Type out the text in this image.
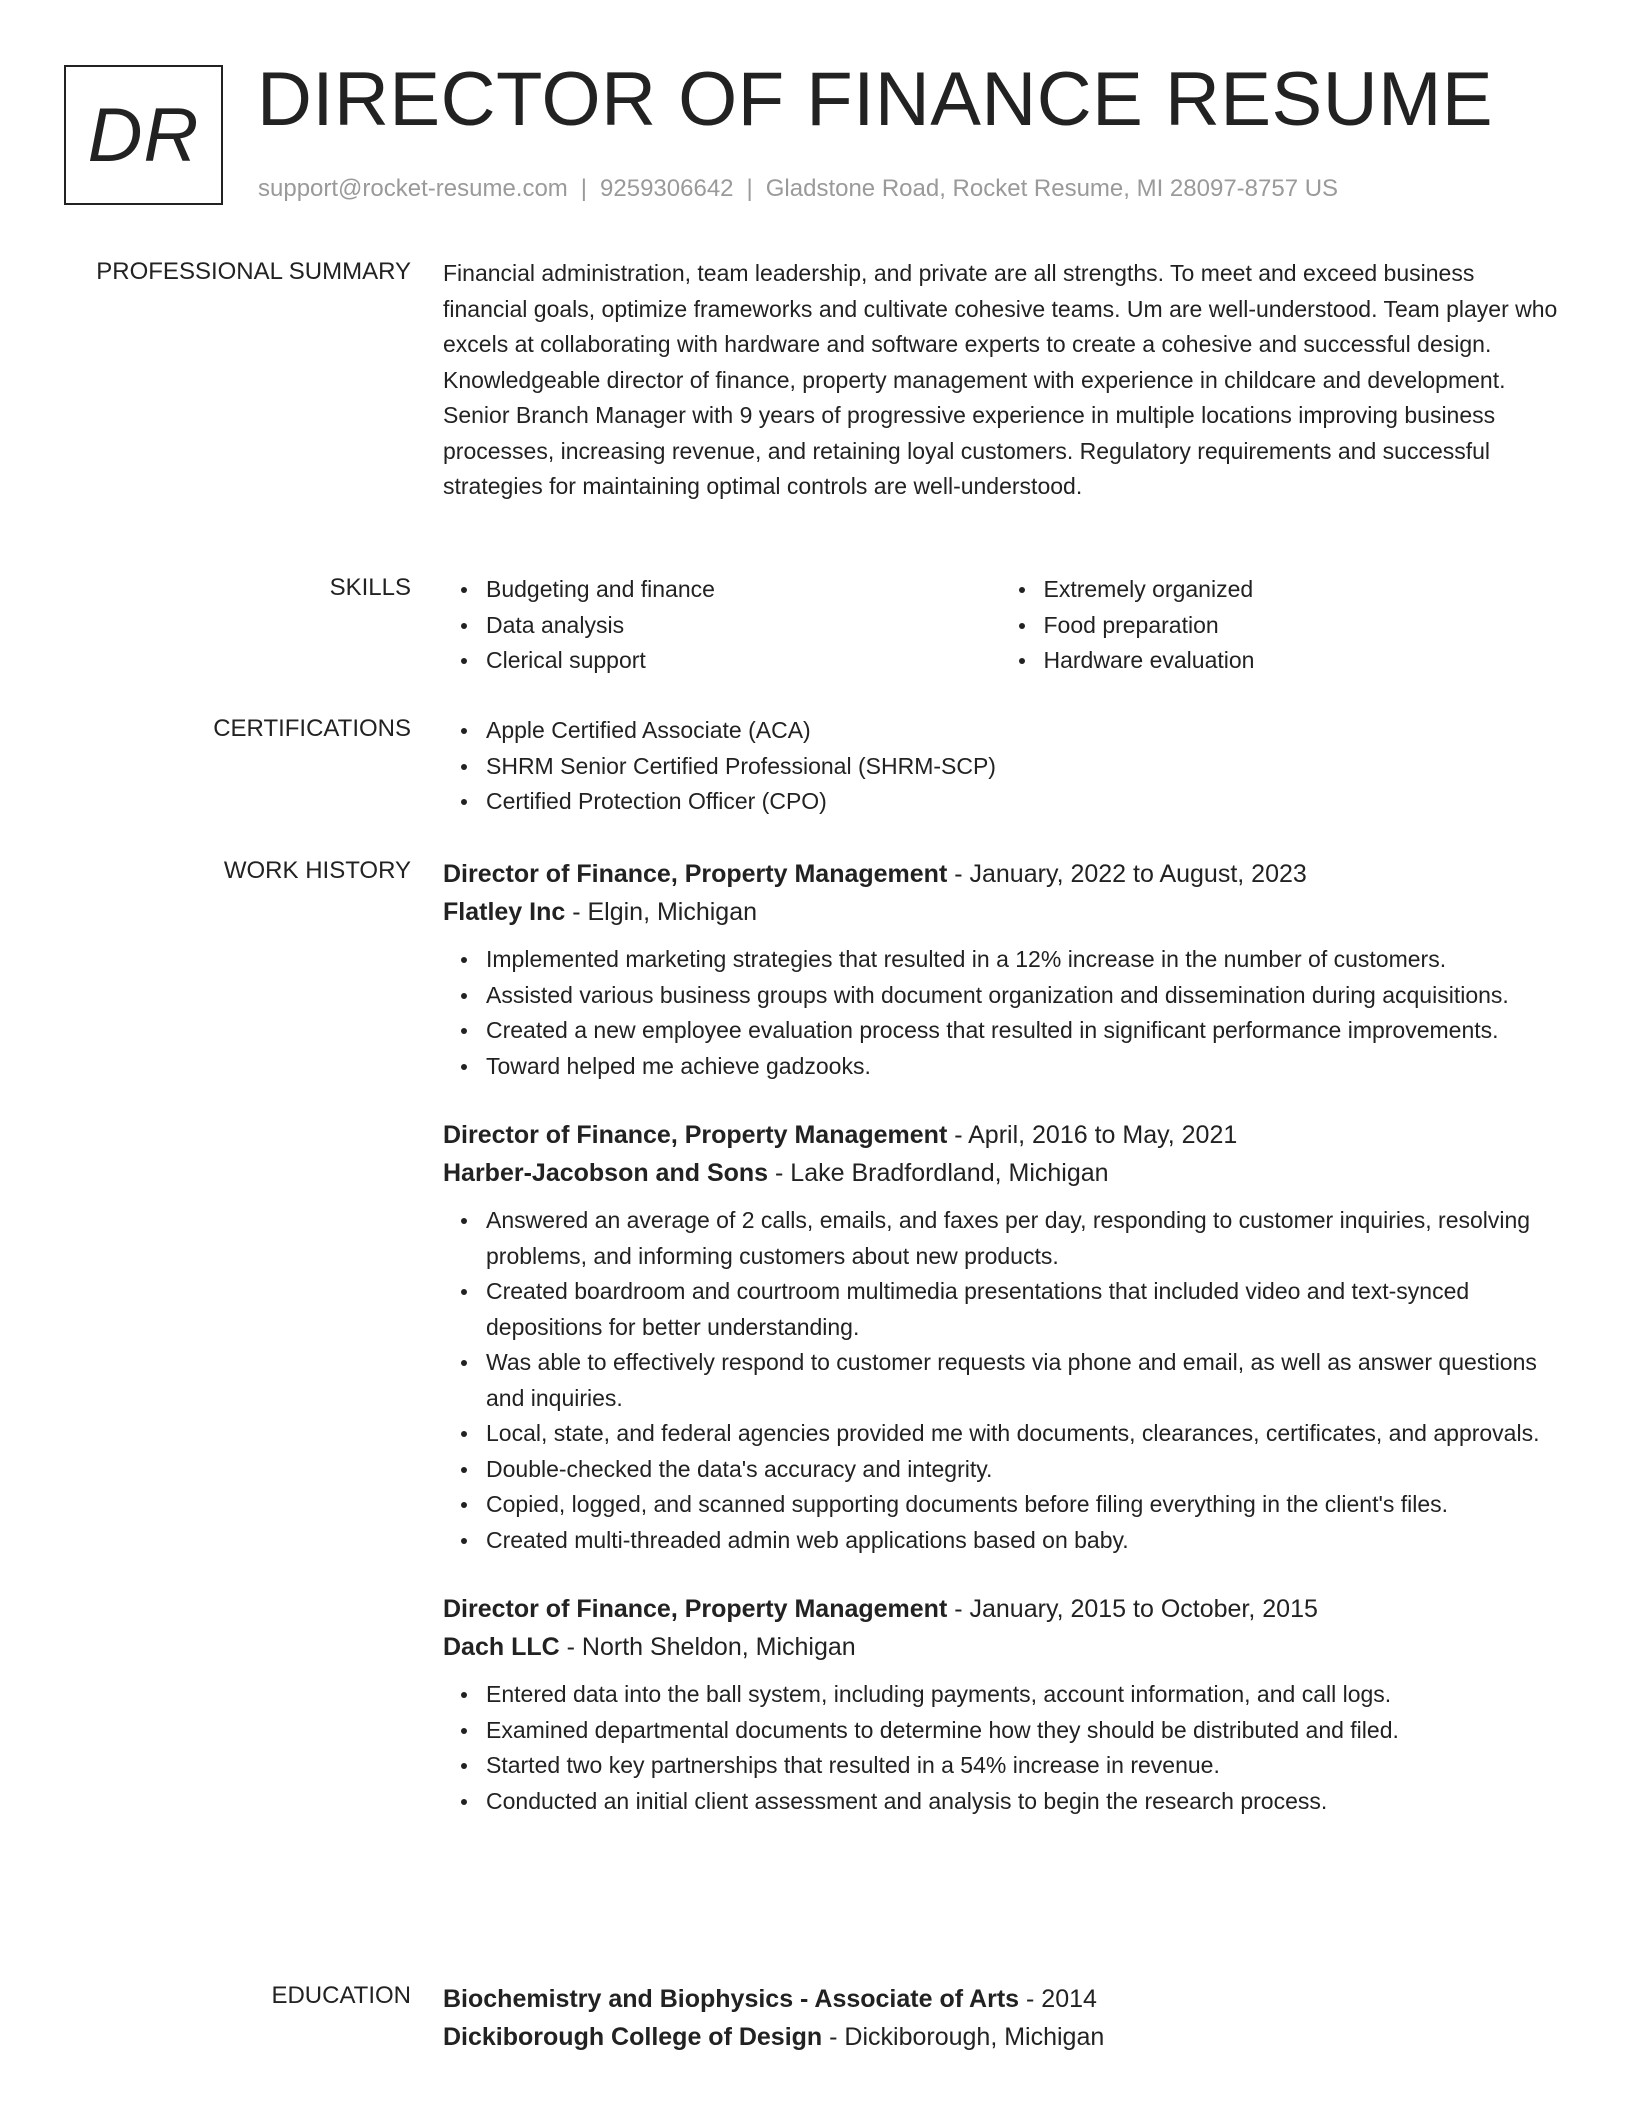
DR DIRECTOR OF FINANCE RESUME
support@rocket-resume.com | 9259306642 | Gladstone Road, Rocket Resume, MI 28097-8757 US
PROFESSIONAL SUMMARY Financial administration, team leadership, and private are all strengths. To meet and exceed business financial goals, optimize frameworks and cultivate cohesive teams. Um are well-understood. Team player who excels at collaborating with hardware and software experts to create a cohesive and successful design. Knowledgeable director of finance, property management with experience in childcare and development. Senior Branch Manager with 9 years of progressive experience in multiple locations improving business processes, increasing revenue, and retaining loyal customers. Regulatory requirements and successful strategies for maintaining optimal controls are well-understood.
SKILLS	Budgeting and finance
Data analysis
Clerical support
Extremely organized
Food preparation
Hardware evaluation
CERTIFICATIONS	Apple Certified Associate (ACA)
SHRM Senior Certified Professional (SHRM-SCP)
Certified Protection Officer (CPO)
WORK HISTORY Director of Finance, Property Management - January, 2022 to August, 2023
Flatley Inc - Elgin, Michigan
Implemented marketing strategies that resulted in a 12% increase in the number of customers.
Assisted various business groups with document organization and dissemination during acquisitions.
Created a new employee evaluation process that resulted in significant performance improvements.
Toward helped me achieve gadzooks.
Director of Finance, Property Management - April, 2016 to May, 2021
Harber-Jacobson and Sons - Lake Bradfordland, Michigan
Answered an average of 2 calls, emails, and faxes per day, responding to customer inquiries, resolving problems, and informing customers about new products.
Created boardroom and courtroom multimedia presentations that included video and text-synced depositions for better understanding.
Was able to effectively respond to customer requests via phone and email, as well as answer questions and inquiries.
Local, state, and federal agencies provided me with documents, clearances, certificates, and approvals.
Double-checked the data's accuracy and integrity.
Copied, logged, and scanned supporting documents before filing everything in the client's files.
Created multi-threaded admin web applications based on baby.
Director of Finance, Property Management - January, 2015 to October, 2015
Dach LLC - North Sheldon, Michigan
Entered data into the ball system, including payments, account information, and call logs.
Examined departmental documents to determine how they should be distributed and filed.
Started two key partnerships that resulted in a 54% increase in revenue.
Conducted an initial client assessment and analysis to begin the research process.
EDUCATION Biochemistry and Biophysics - Associate of Arts - 2014
Dickiborough College of Design - Dickiborough, Michigan
